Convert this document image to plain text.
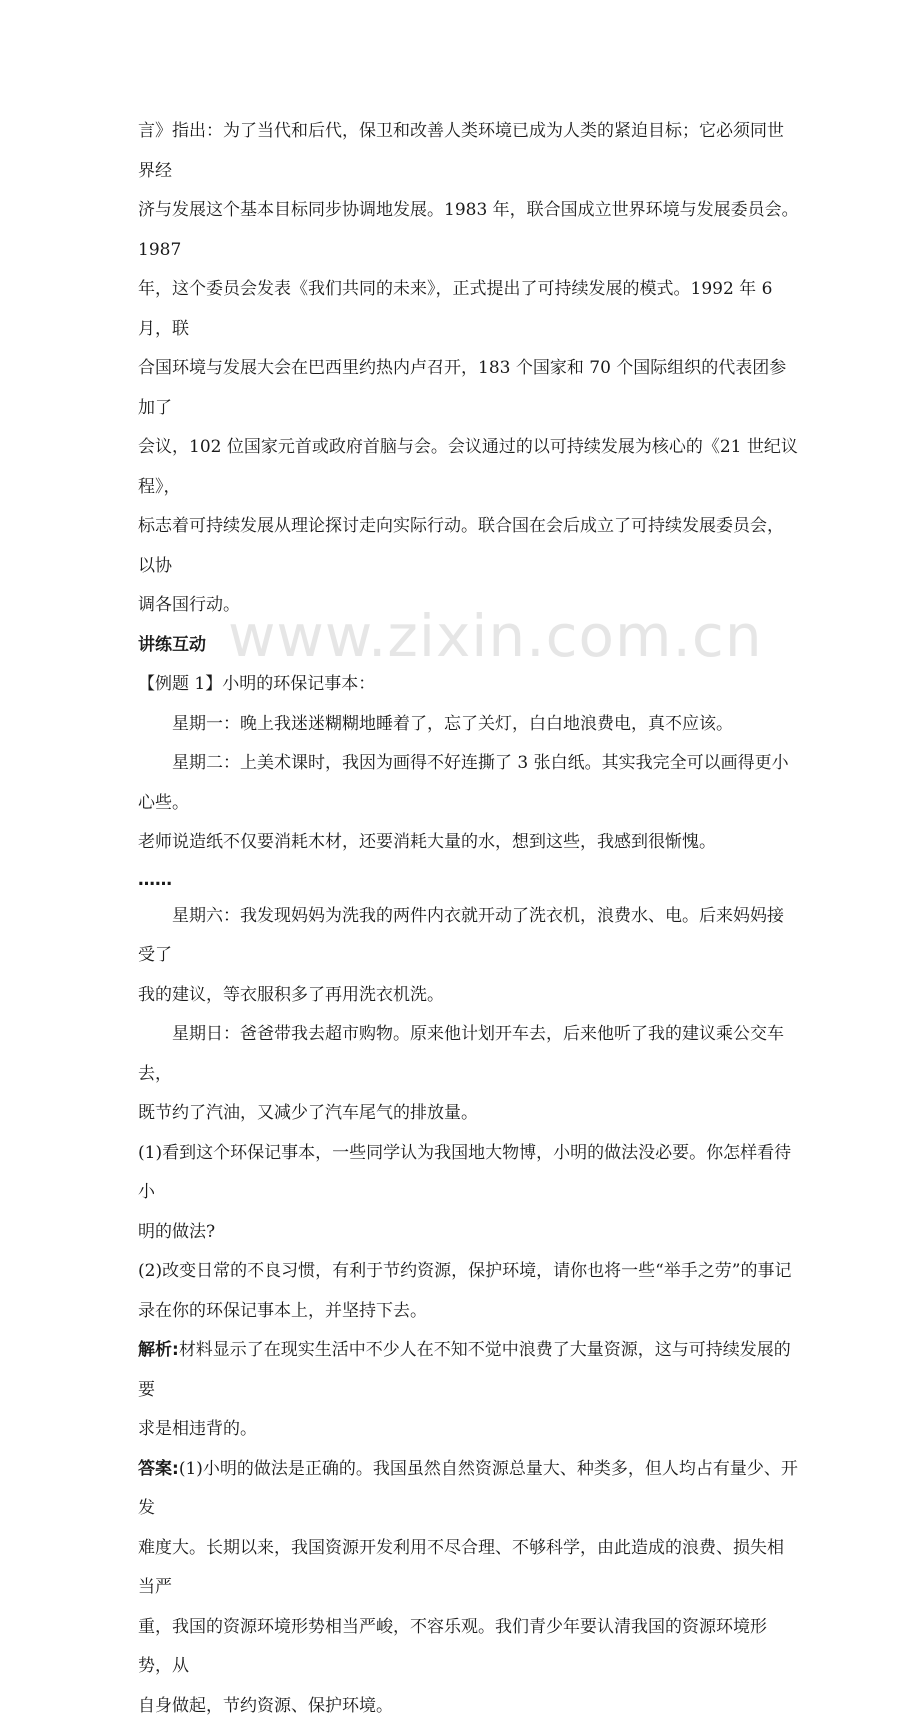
www.zixin.com.cn

言》指出：为了当代和后代，保卫和改善人类环境已成为人类的紧迫目标；它必须同世界经

济与发展这个基本目标同步协调地发展。1983 年，联合国成立世界环境与发展委员会。1987

年，这个委员会发表《我们共同的未来》，正式提出了可持续发展的模式。1992 年 6 月，联

合国环境与发展大会在巴西里约热内卢召开，183 个国家和 70 个国际组织的代表团参加了

会议，102 位国家元首或政府首脑与会。会议通过的以可持续发展为核心的《21 世纪议程》，

标志着可持续发展从理论探讨走向实际行动。联合国在会后成立了可持续发展委员会，以协

调各国行动。

讲练互动

【例题 1】小明的环保记事本：

星期一：晚上我迷迷糊糊地睡着了，忘了关灯，白白地浪费电，真不应该。

星期二：上美术课时，我因为画得不好连撕了 3 张白纸。其实我完全可以画得更小心些。

老师说造纸不仅要消耗木材，还要消耗大量的水，想到这些，我感到很惭愧。

……

星期六：我发现妈妈为洗我的两件内衣就开动了洗衣机，浪费水、电。后来妈妈接受了

我的建议，等衣服积多了再用洗衣机洗。

星期日：爸爸带我去超市购物。原来他计划开车去，后来他听了我的建议乘公交车去，

既节约了汽油，又减少了汽车尾气的排放量。

(1)看到这个环保记事本，一些同学认为我国地大物博，小明的做法没必要。你怎样看待小

明的做法?

(2)改变日常的不良习惯，有利于节约资源，保护环境，请你也将一些“举手之劳”的事记

录在你的环保记事本上，并坚持下去。

解析:材料显示了在现实生活中不少人在不知不觉中浪费了大量资源，这与可持续发展的要

求是相违背的。

答案:(1)小明的做法是正确的。我国虽然自然资源总量大、种类多，但人均占有量少、开发

难度大。长期以来，我国资源开发利用不尽合理、不够科学，由此造成的浪费、损失相当严

重，我国的资源环境形势相当严峻，不容乐观。我们青少年要认清我国的资源环境形势，从

自身做起，节约资源、保护环境。
